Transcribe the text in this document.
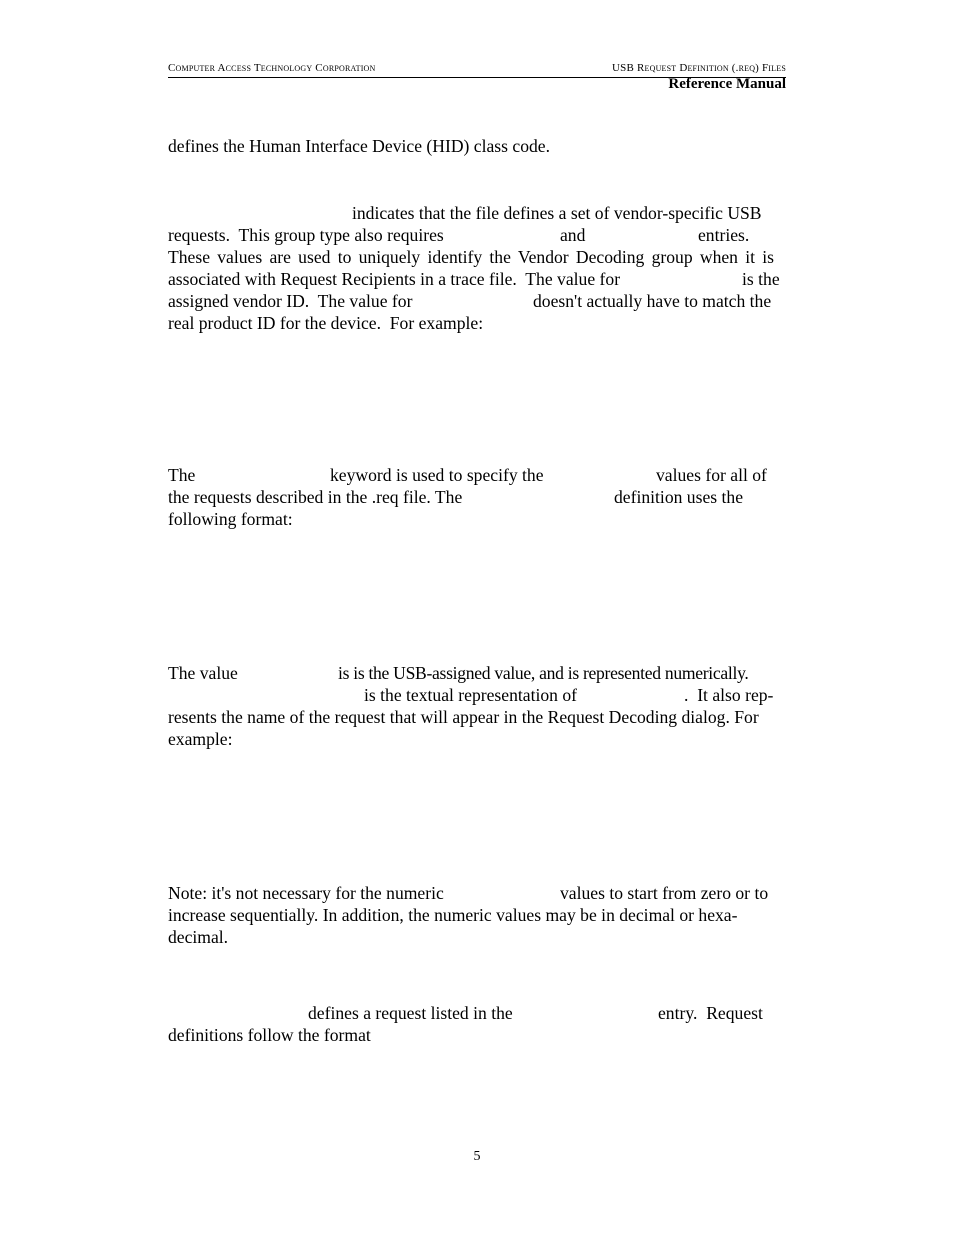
Computer Access Technology Corporation	USB Request Definition (.req) Files
Reference Manual
defines the Human Interface Device (HID) class code.
indicates that the file defines a set of vendor-specific USB
requests.  This group type also requires	and	entries.
These values are used to uniquely identify the Vendor Decoding group when it is
associated with Request Recipients in a trace file.  The value for	is the
assigned vendor ID.  The value for	doesn't actually have to match the
real product ID for the device.  For example:
The	keyword is used to specify the	values for all of
the requests described in the .req file. The	definition uses the
following format:
The value	is is the USB-assigned value, and is represented numerically.
is the textual representation of	.  It also rep-
resents the name of the request that will appear in the Request Decoding dialog. For
example:
Note: it's not necessary for the numeric	values to start from zero or to
increase sequentially. In addition, the numeric values may be in decimal or hexa-
decimal.
defines a request listed in the	entry.  Request
definitions follow the format
5
